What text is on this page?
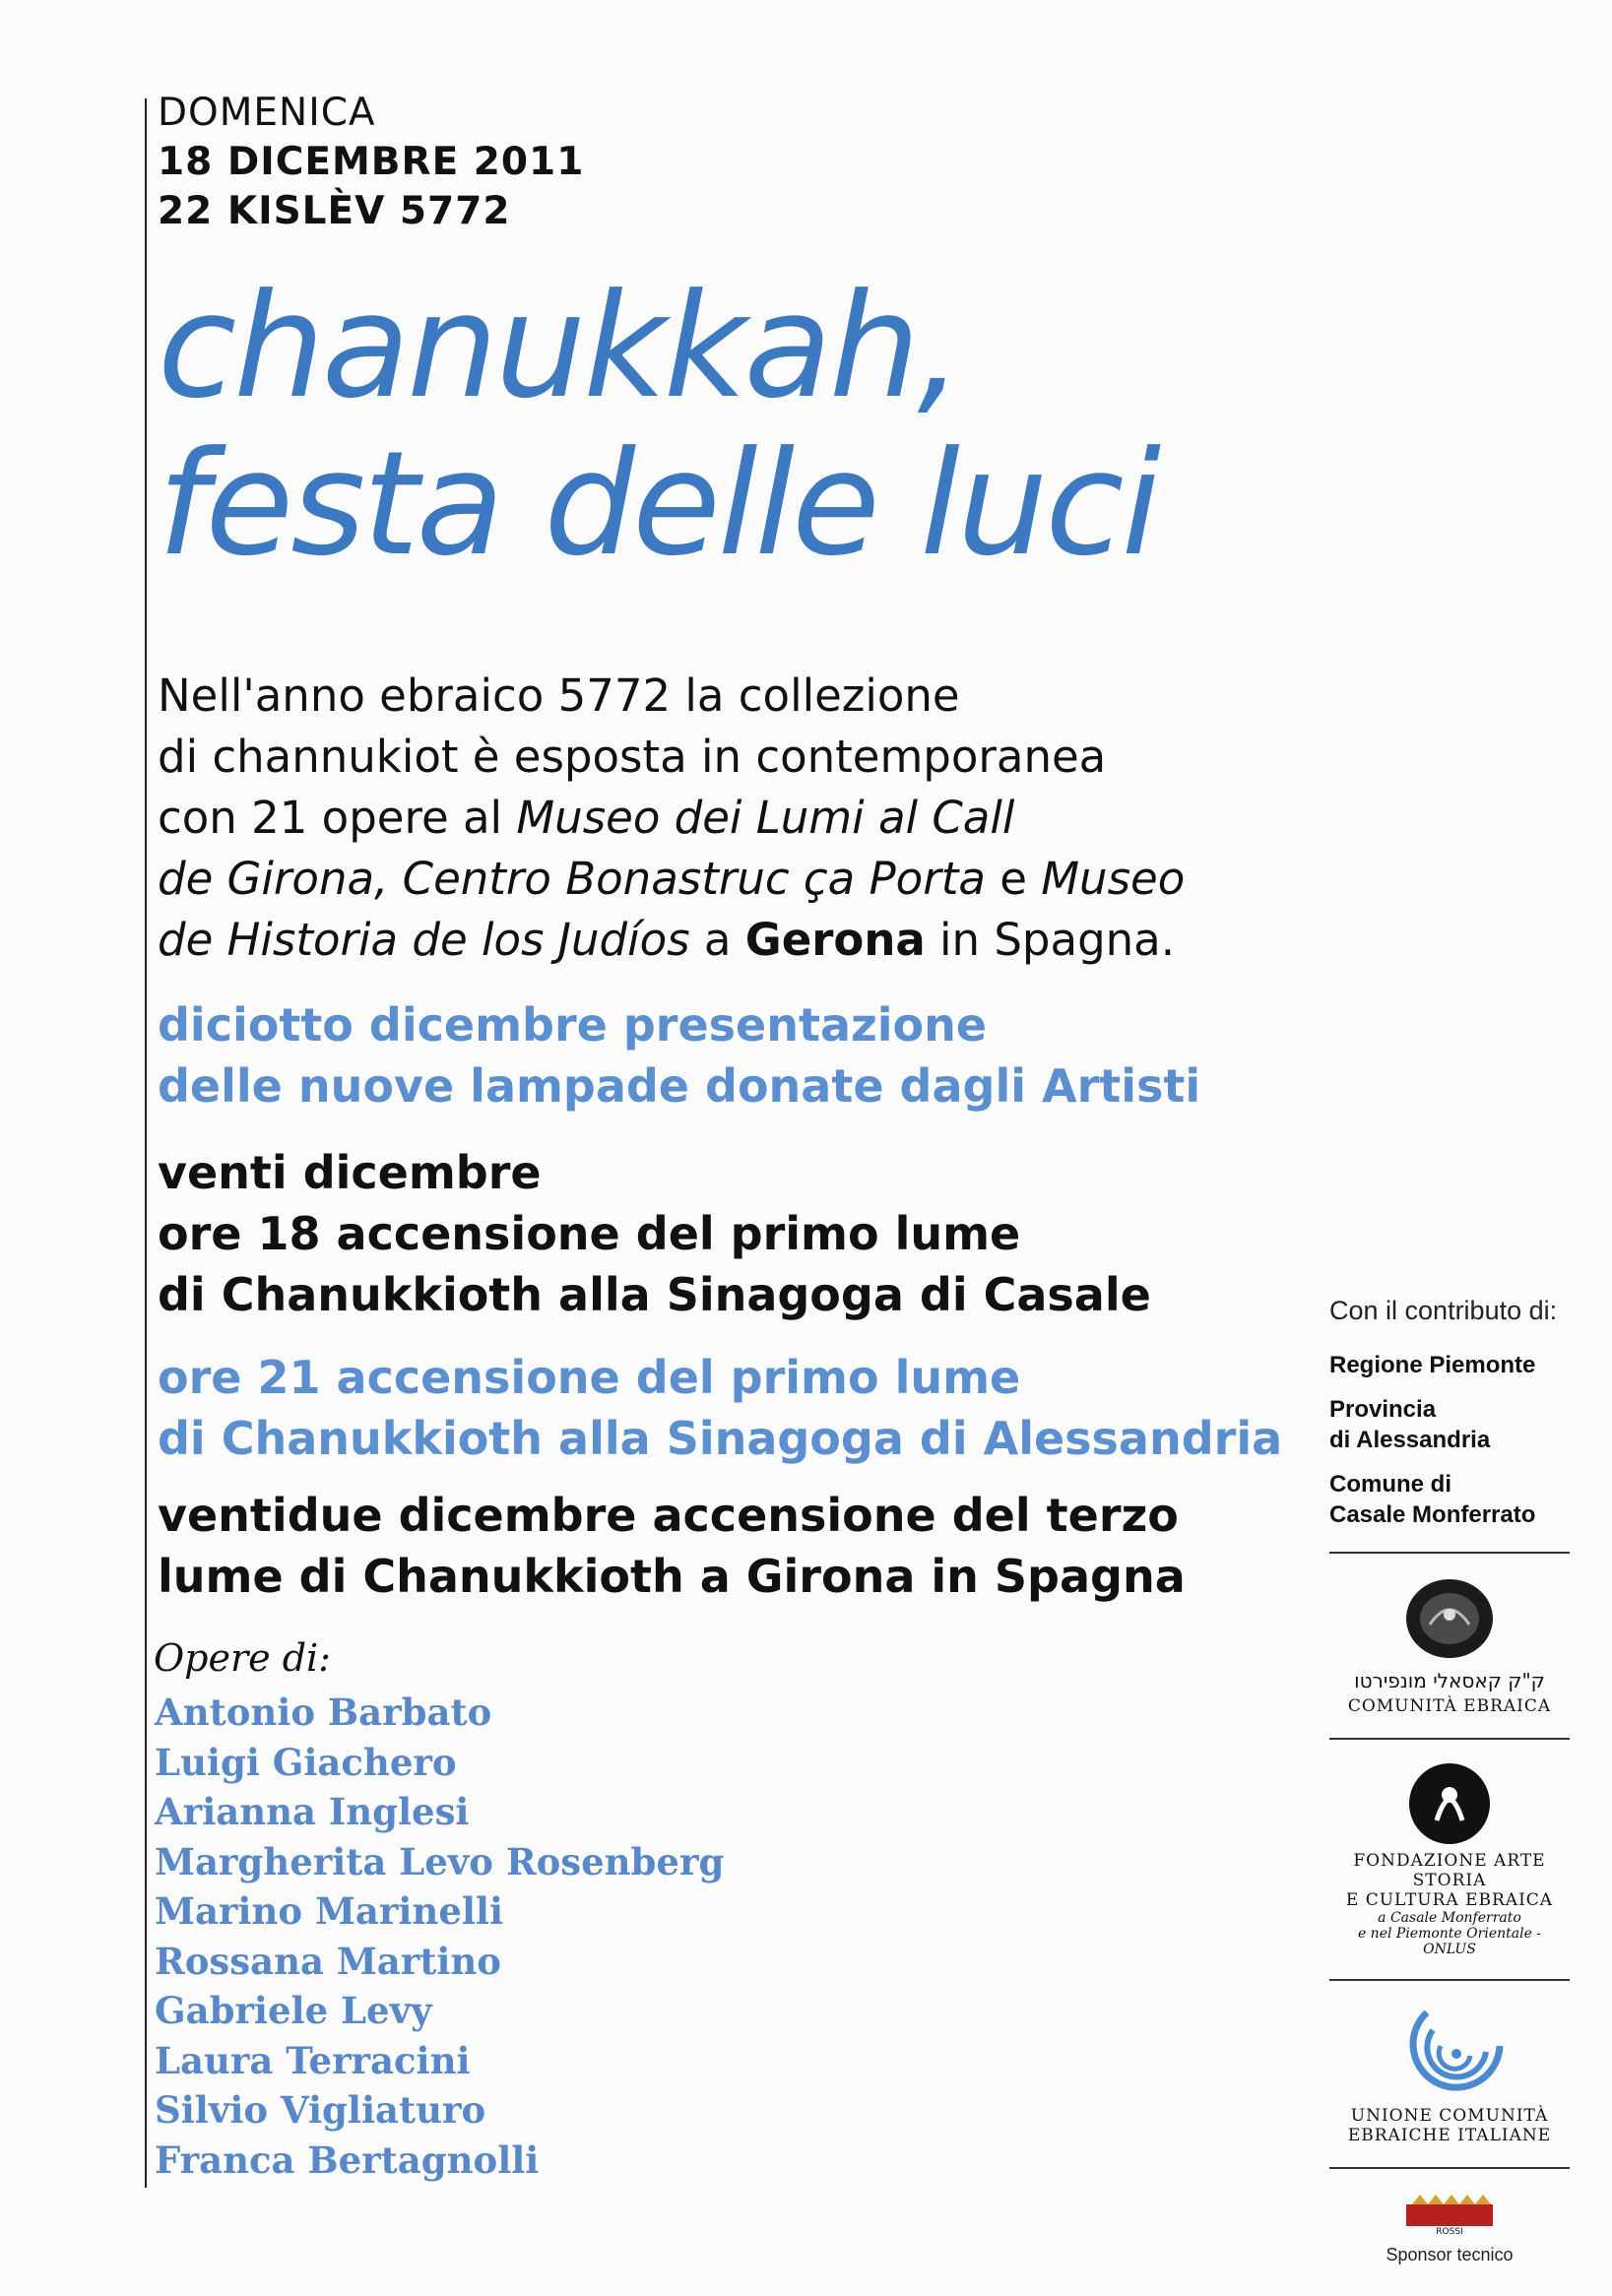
DOMENICA
18 DICEMBRE 2011
22 KISLÈV 5772
chanukkah,
festa delle luci
Nell'anno ebraico 5772 la collezione
di channukiot è esposta in contemporanea
con 21 opere al Museo dei Lumi al Call
de Girona, Centro Bonastruc ça Porta e Museo
de Historia de los Judíos a Gerona in Spagna.
diciotto dicembre presentazione
delle nuove lampade donate dagli Artisti
venti dicembre
ore 18 accensione del primo lume
di Chanukkioth alla Sinagoga di Casale
ore 21 accensione del primo lume
di Chanukkioth alla Sinagoga di Alessandria
ventidue dicembre accensione del terzo
lume di Chanukkioth a Girona in Spagna
Opere di:
Antonio Barbato
Luigi Giachero
Arianna Inglesi
Margherita Levo Rosenberg
Marino Marinelli
Rossana Martino
Gabriele Levy
Laura Terracini
Silvio Vigliaturo
Franca Bertagnolli
Con il contributo di:
Regione Piemonte
Provincia
di Alessandria
Comune di
Casale Monferrato
ק"ק קאסאלי מונפירטו
COMUNITÀ EBRAICA
FONDAZIONE ARTE STORIA
E CULTURA EBRAICA
a Casale Monferrato
e nel Piemonte Orientale - ONLUS
UNIONE COMUNITÀ
EBRAICHE ITALIANE
ROSSI
Sponsor tecnico
